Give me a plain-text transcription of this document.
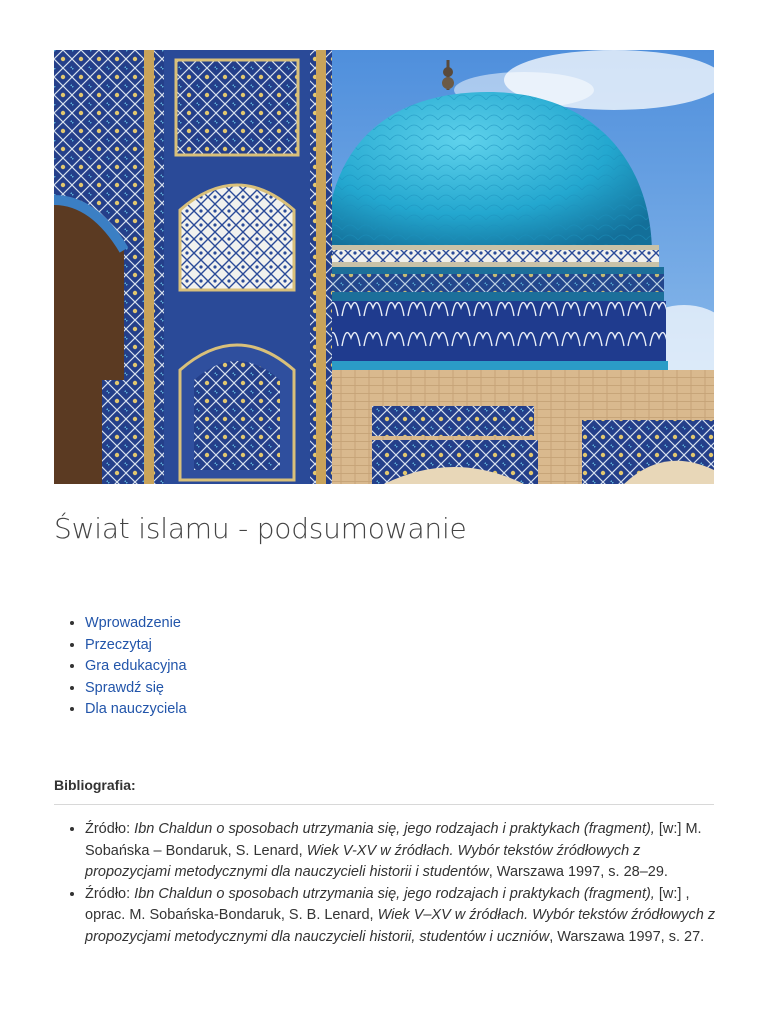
Świat islamu - podsumowanie
• Wprowadzenie
• Przeczytaj
• Gra edukacyjna
• Sprawdź się
• Dla nauczyciela
Bibliografia:
• Źródło: Ibn Chaldun o sposobach utrzymania się, jego rodzajach i praktykach (fragment), [w:] M. Sobańska – Bondaruk, S. Lenard, Wiek V-XV w źródłach. Wybór tekstów źródłowych z propozycjami metodycznymi dla nauczycieli historii i studentów, Warszawa 1997, s. 28–29.
• Źródło: Ibn Chaldun o sposobach utrzymania się, jego rodzajach i praktykach (fragment), [w:] , oprac. M. Sobańska-Bondaruk, S. B. Lenard, Wiek V–XV w źródłach. Wybór tekstów źródłowych z propozycjami metodycznymi dla nauczycieli historii, studentów i uczniów, Warszawa 1997, s. 27.
